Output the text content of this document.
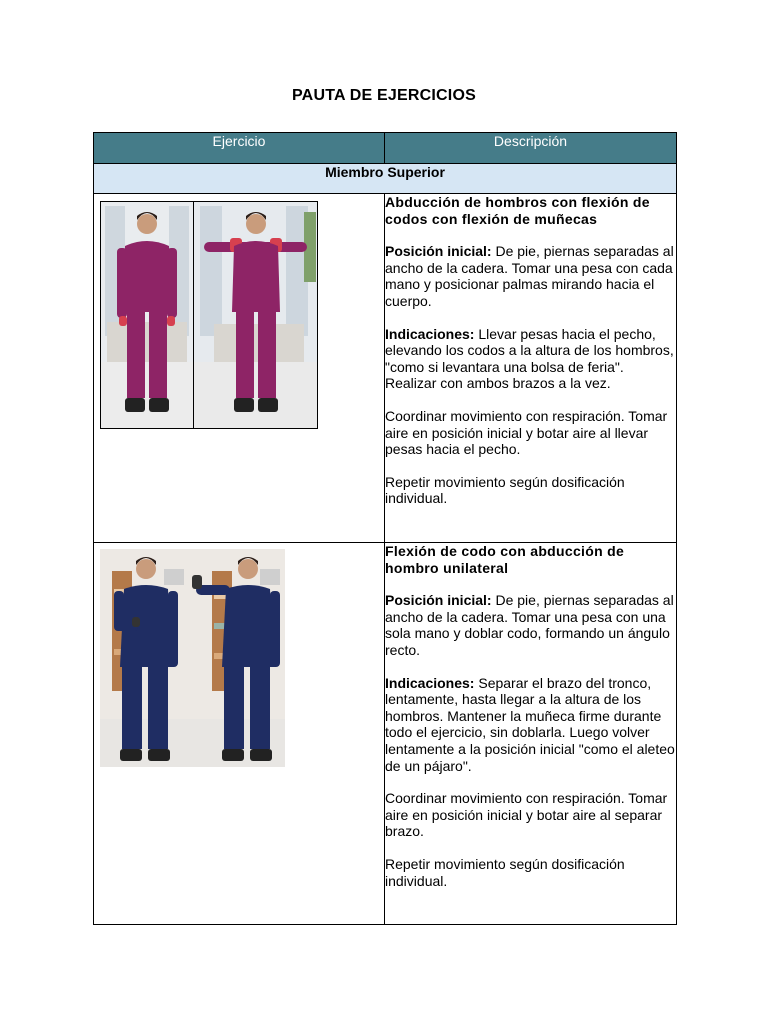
PAUTA DE EJERCICIOS
Ejercicio	Descripción
Miembro Superior	

Abducción de hombros con flexión de codos con flexión de muñecas

Posición inicial: De pie, piernas separadas al ancho de la cadera. Tomar una pesa con cada mano y posicionar palmas mirando hacia el cuerpo.

Indicaciones: Llevar pesas hacia el pecho, elevando los codos a la altura de los hombros, "como si levantara una bolsa de feria". Realizar con ambos brazos a la vez.

Coordinar movimiento con respiración. Tomar aire en posición inicial y botar aire al llevar pesas hacia el pecho.

Repetir movimiento según dosificación individual.

Flexión de codo con abducción de hombro unilateral

Posición inicial: De pie, piernas separadas al ancho de la cadera. Tomar una pesa con una sola mano y doblar codo, formando un ángulo recto.

Indicaciones: Separar el brazo del tronco, lentamente, hasta llegar a la altura de los hombros. Mantener la muñeca firme durante todo el ejercicio, sin doblarla. Luego volver lentamente a la posición inicial "como el aleteo de un pájaro".

Coordinar movimiento con respiración. Tomar aire en posición inicial y botar aire al separar brazo.

Repetir movimiento según dosificación individual.
